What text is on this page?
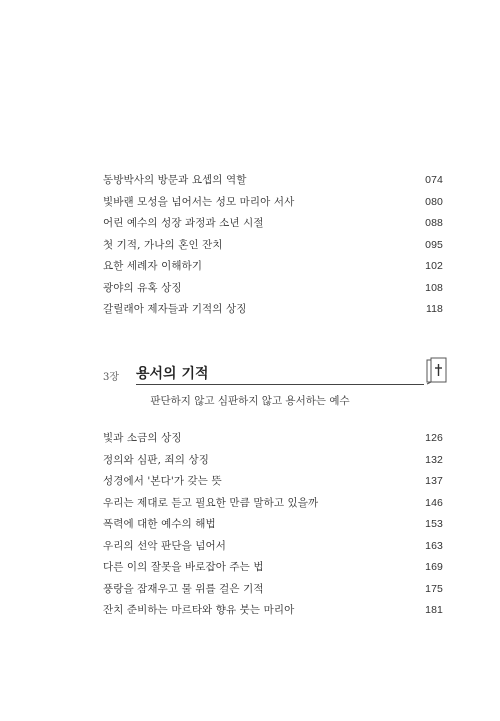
동방박사의 방문과 요셉의 역할	074
빛바랜 모성을 넘어서는 성모 마리아 서사	080
어린 예수의 성장 과정과 소년 시절	088
첫 기적, 가나의 혼인 잔치	095
요한 세례자 이해하기	102
광야의 유혹 상징	108
갈릴래아 제자들과 기적의 상징	118
3장 용서의 기적
판단하지 않고 심판하지 않고 용서하는 예수
빛과 소금의 상징	126
정의와 심판, 죄의 상징	132
성경에서 '본다'가 갖는 뜻	137
우리는 제대로 듣고 필요한 만큼 말하고 있을까	146
폭력에 대한 예수의 해법	153
우리의 선악 판단을 넘어서	163
다른 이의 잘못을 바로잡아 주는 법	169
풍랑을 잠재우고 물 위를 걸은 기적	175
잔치 준비하는 마르타와 향유 붓는 마리아	181
